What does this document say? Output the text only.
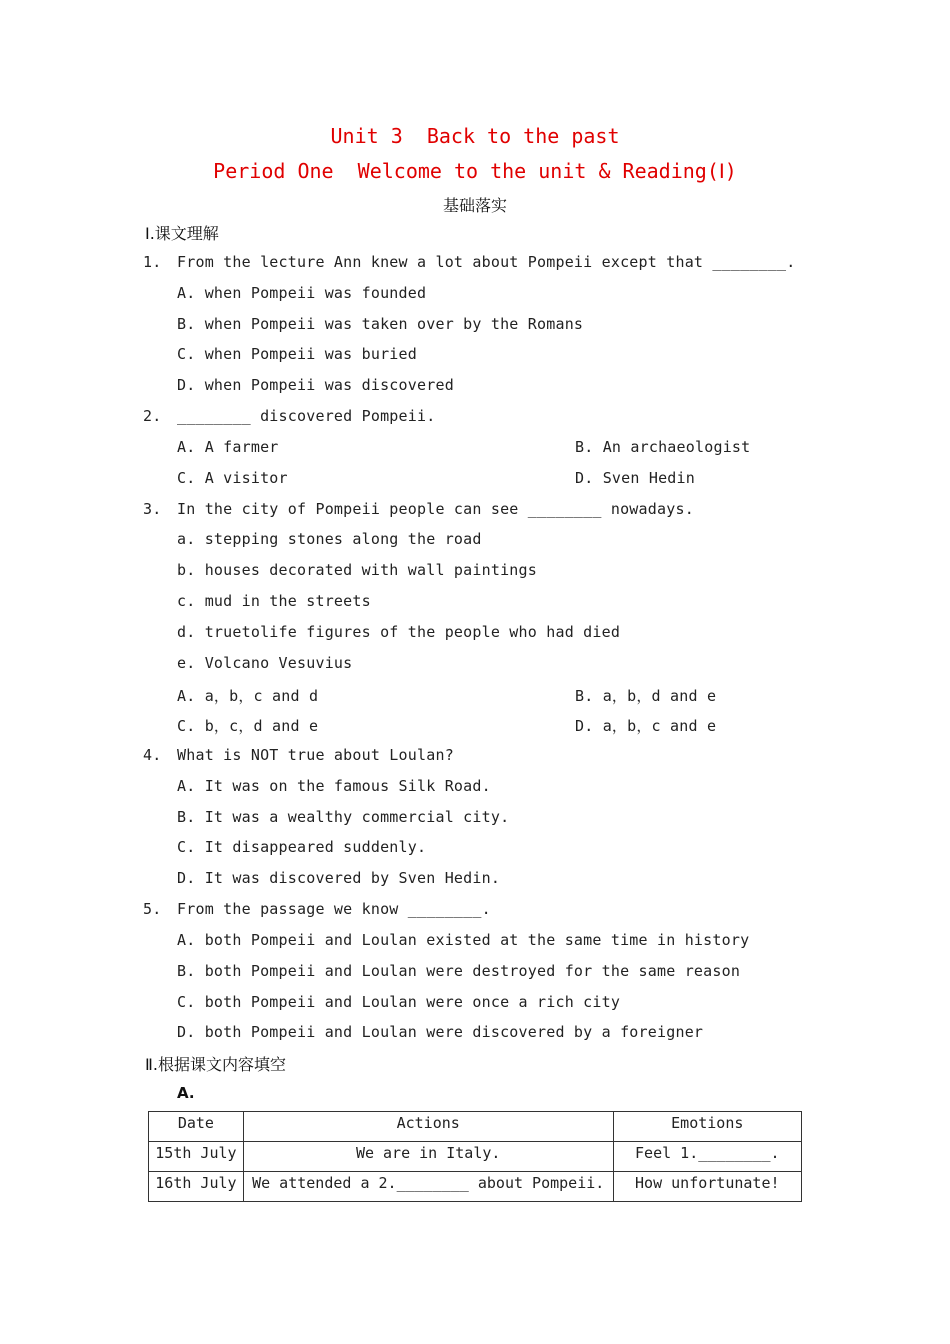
Unit 3  Back to the past
Period One  Welcome to the unit & Reading(Ⅰ)
基础落实
Ⅰ.课文理解
1. From the lecture Ann knew a lot about Pompeii except that ________.
A. when Pompeii was founded
B. when Pompeii was taken over by the Romans
C. when Pompeii was buried
D. when Pompeii was discovered
2. ________ discovered Pompeii.
A. A farmer	B. An archaeologist
C. A visitor	D. Sven Hedin
3. In the city of Pompeii people can see ________ nowadays.
a. stepping stones along the road
b. houses decorated with wall paintings
c. mud in the streets
d. truetolife figures of the people who had died
e. Volcano Vesuvius
A. a，b，c and d	B. a，b，d and e
C. b，c，d and e	D. a，b，c and e
4. What is NOT true about Loulan?
A. It was on the famous Silk Road.
B. It was a wealthy commercial city.
C. It disappeared suddenly.
D. It was discovered by Sven Hedin.
5. From the passage we know ________.
A. both Pompeii and Loulan existed at the same time in history
B. both Pompeii and Loulan were destroyed for the same reason
C. both Pompeii and Loulan were once a rich city
D. both Pompeii and Loulan were discovered by a foreigner
Ⅱ.根据课文内容填空
A.
Date	Actions	Emotions
15th July	We are in Italy.	Feel 1.________.
16th July	We attended a 2.________ about Pompeii.	How unfortunate!
